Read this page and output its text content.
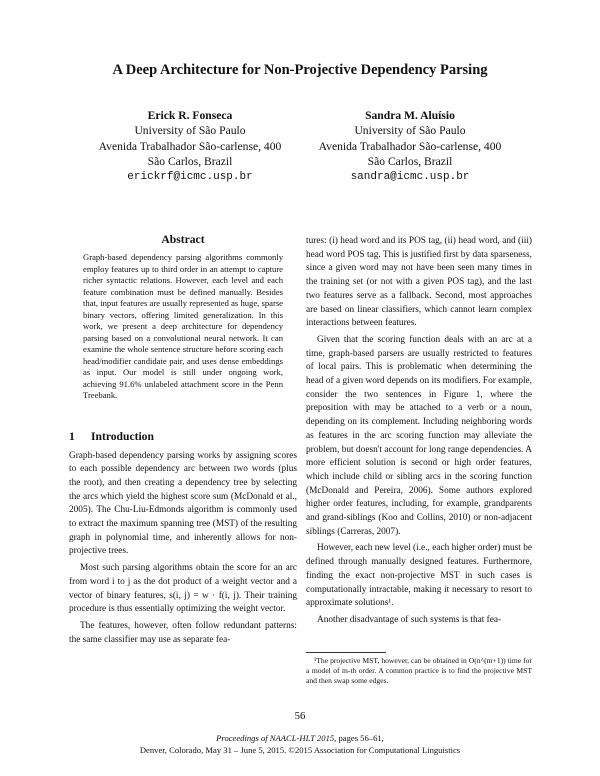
A Deep Architecture for Non-Projective Dependency Parsing
Erick R. Fonseca
University of São Paulo
Avenida Trabalhador São-carlense, 400
São Carlos, Brazil
erickrf@icmc.usp.br
Sandra M. Aluísio
University of São Paulo
Avenida Trabalhador São-carlense, 400
São Carlos, Brazil
sandra@icmc.usp.br
Abstract
Graph-based dependency parsing algorithms commonly employ features up to third order in an attempt to capture richer syntactic relations. However, each level and each feature combination must be defined manually. Besides that, input features are usually represented as huge, sparse binary vectors, offering limited generalization. In this work, we present a deep architecture for dependency parsing based on a convolutional neural network. It can examine the whole sentence structure before scoring each head/modifier candidate pair, and uses dense embeddings as input. Our model is still under ongoing work, achieving 91.6% unlabeled attachment score in the Penn Treebank.
1 Introduction

Graph-based dependency parsing works by assigning scores to each possible dependency arc between two words (plus the root), and then creating a dependency tree by selecting the arcs which yield the highest score sum (McDonald et al., 2005). The Chu-Liu-Edmonds algorithm is commonly used to extract the maximum spanning tree (MST) of the resulting graph in polynomial time, and inherently allows for non-projective trees.

Most such parsing algorithms obtain the score for an arc from word i to j as the dot product of a weight vector and a vector of binary features, s(i, j) = w · f(i, j). Their training procedure is thus essentially optimizing the weight vector.

The features, however, often follow redundant patterns: the same classifier may use as separate fea-

tures: (i) head word and its POS tag, (ii) head word, and (iii) head word POS tag. This is justified first by data sparseness, since a given word may not have been seen many times in the training set (or not with a given POS tag), and the last two features serve as a fallback. Second, most approaches are based on linear classifiers, which cannot learn complex interactions between features.

Given that the scoring function deals with an arc at a time, graph-based parsers are usually restricted to features of local pairs. This is problematic when determining the head of a given word depends on its modifiers. For example, consider the two sentences in Figure 1, where the preposition with may be attached to a verb or a noun, depending on its complement. Including neighboring words as features in the arc scoring function may alleviate the problem, but doesn't account for long range dependencies. A more efficient solution is second or high order features, which include child or sibling arcs in the scoring function (McDonald and Pereira, 2006). Some authors explored higher order features, including, for example, grandparents and grand-siblings (Koo and Collins, 2010) or non-adjacent siblings (Carreras, 2007).

However, each new level (i.e., each higher order) must be defined through manually designed features. Furthermore, finding the exact non-projective MST in such cases is computationally intractable, making it necessary to resort to approximate solutions¹.

Another disadvantage of such systems is that fea-

¹The projective MST, however, can be obtained in O(n^(m+1)) time for a model of m-th order. A common practice is to find the projective MST and then swap some edges.
56
Proceedings of NAACL-HLT 2015, pages 56–61,
Denver, Colorado, May 31 – June 5, 2015. ©2015 Association for Computational Linguistics
